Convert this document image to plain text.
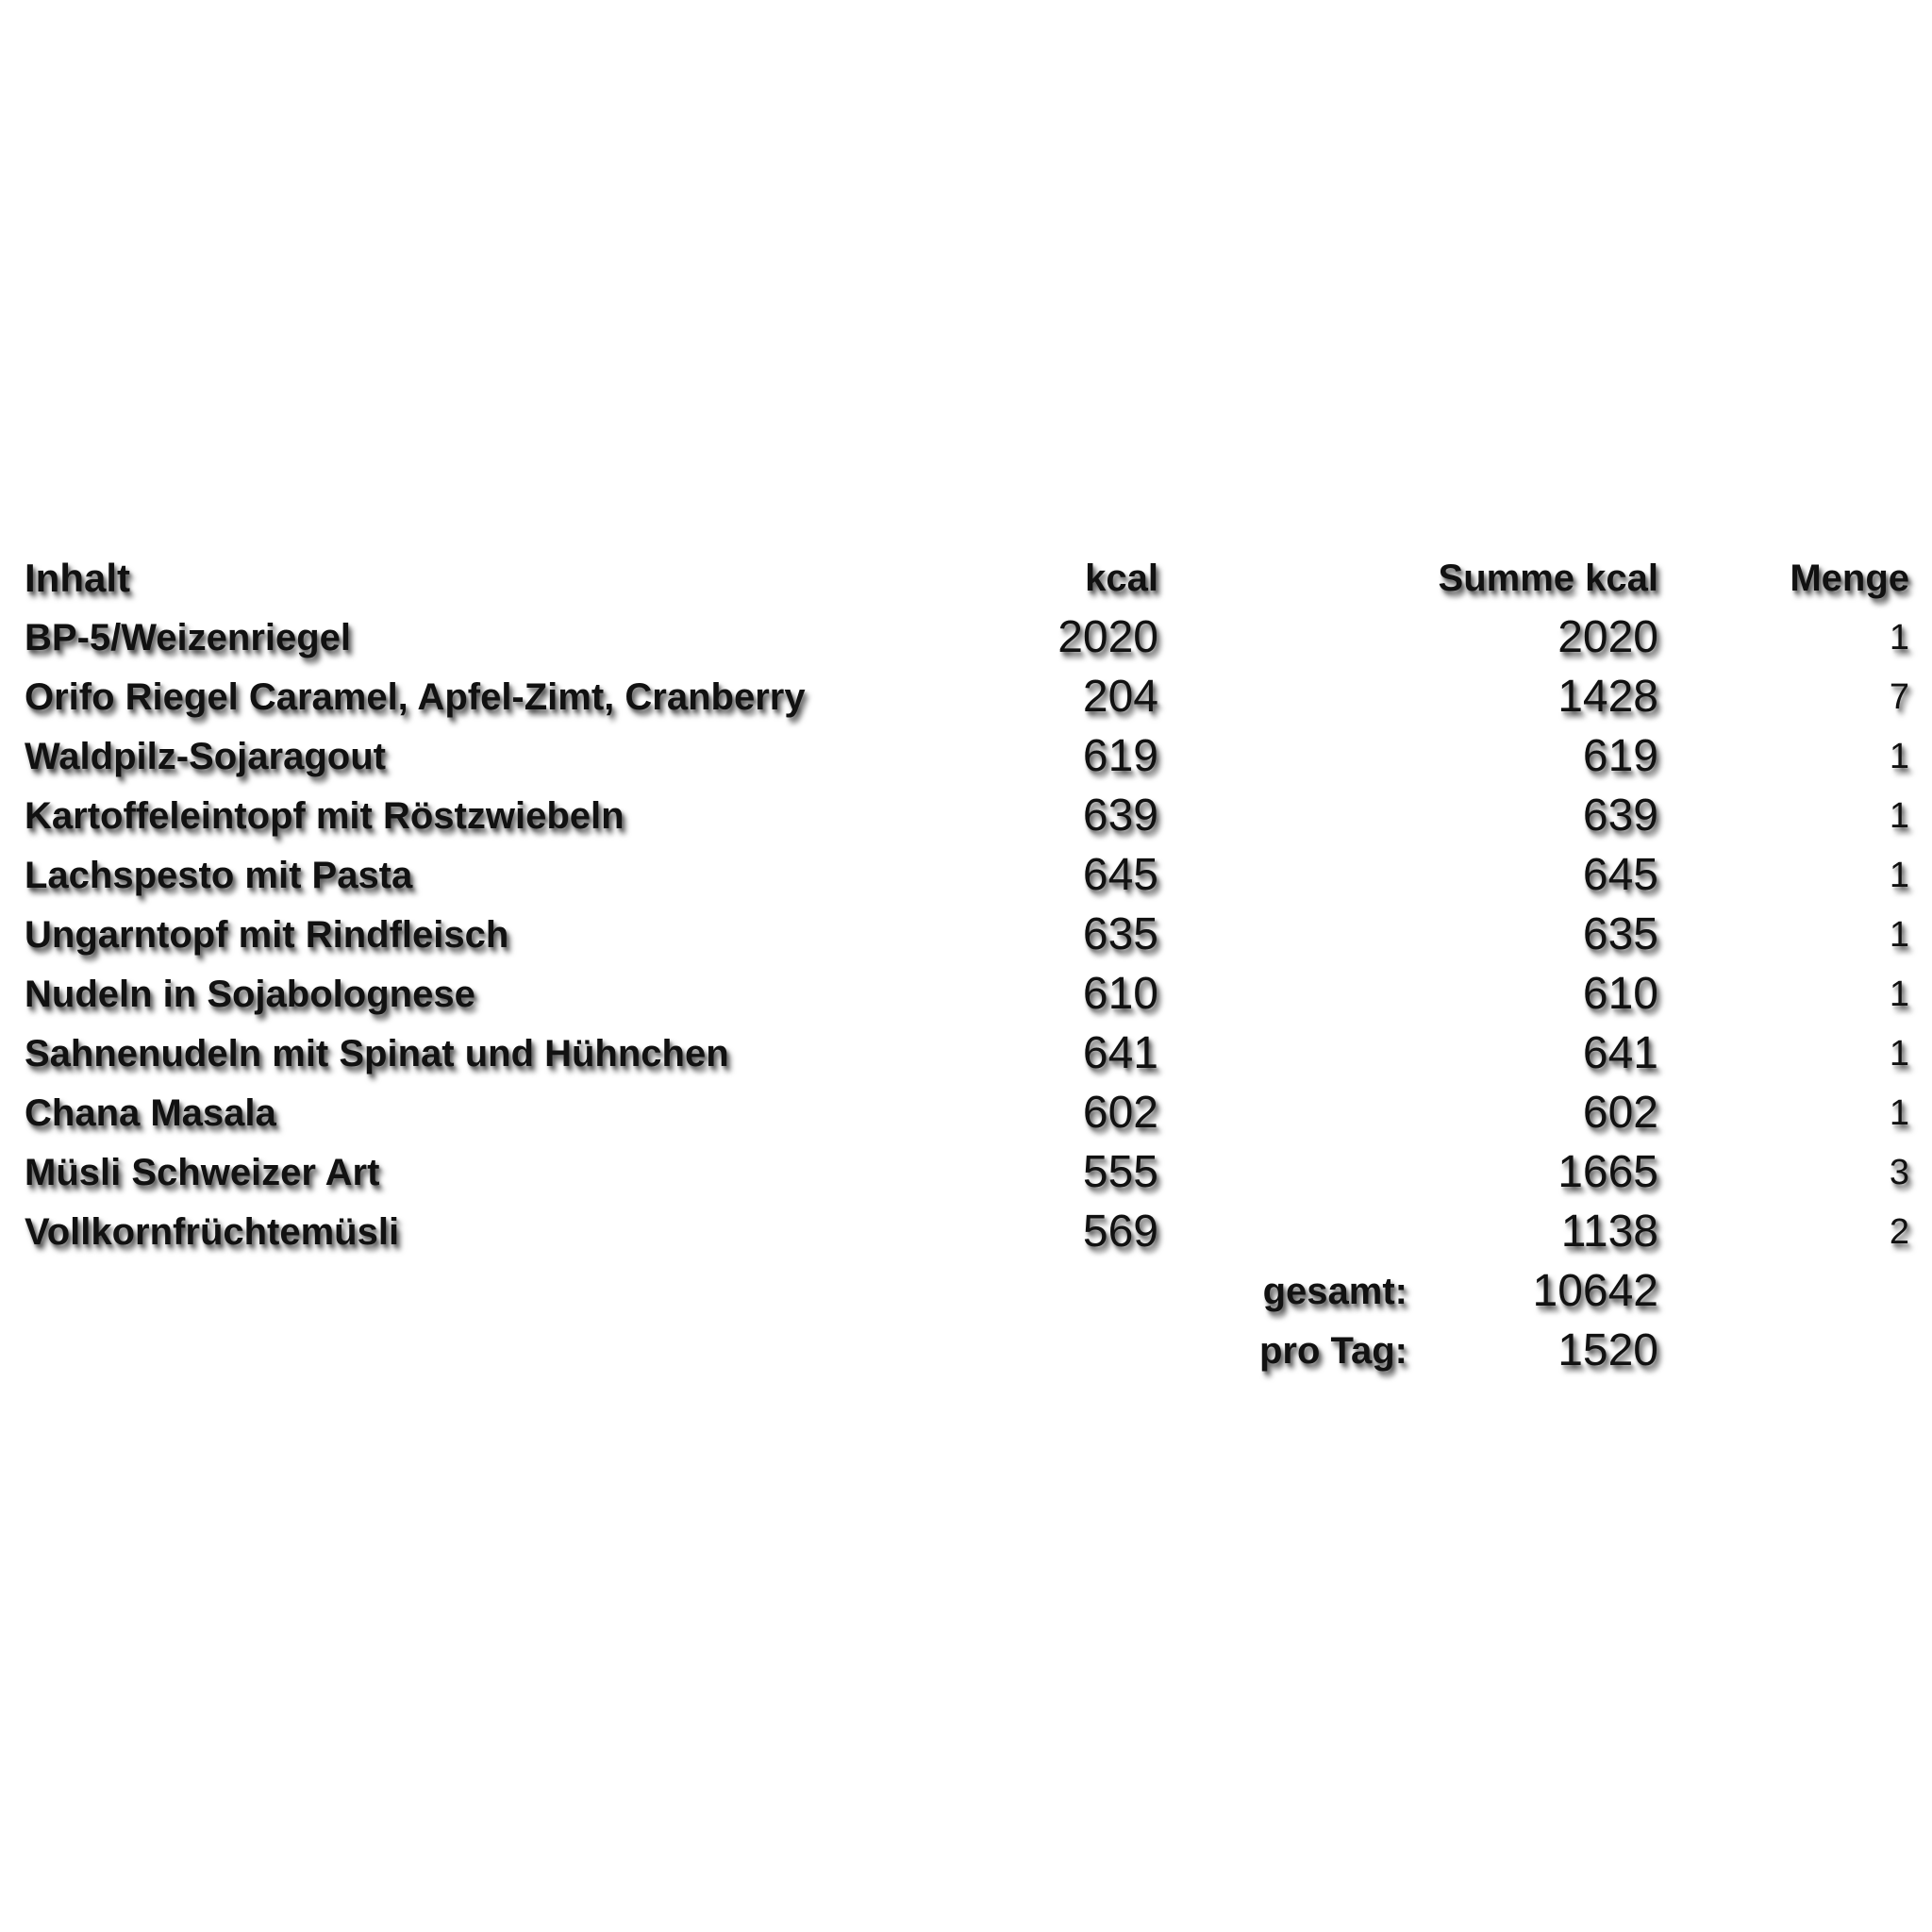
Inhalt	kcal	Summe kcal	Menge
BP-5/Weizenriegel	2020	2020	1
Orifo Riegel Caramel, Apfel-Zimt, Cranberry	204	1428	7
Waldpilz-Sojaragout	619	619	1
Kartoffeleintopf mit Röstzwiebeln	639	639	1
Lachspesto mit Pasta	645	645	1
Ungarntopf mit Rindfleisch	635	635	1
Nudeln in Sojabolognese	610	610	1
Sahnenudeln mit Spinat und Hühnchen	641	641	1
Chana Masala	602	602	1
Müsli Schweizer Art	555	1665	3
Vollkornfrüchtemüsli	569	1138	2
gesamt:	10642
pro Tag:	1520
